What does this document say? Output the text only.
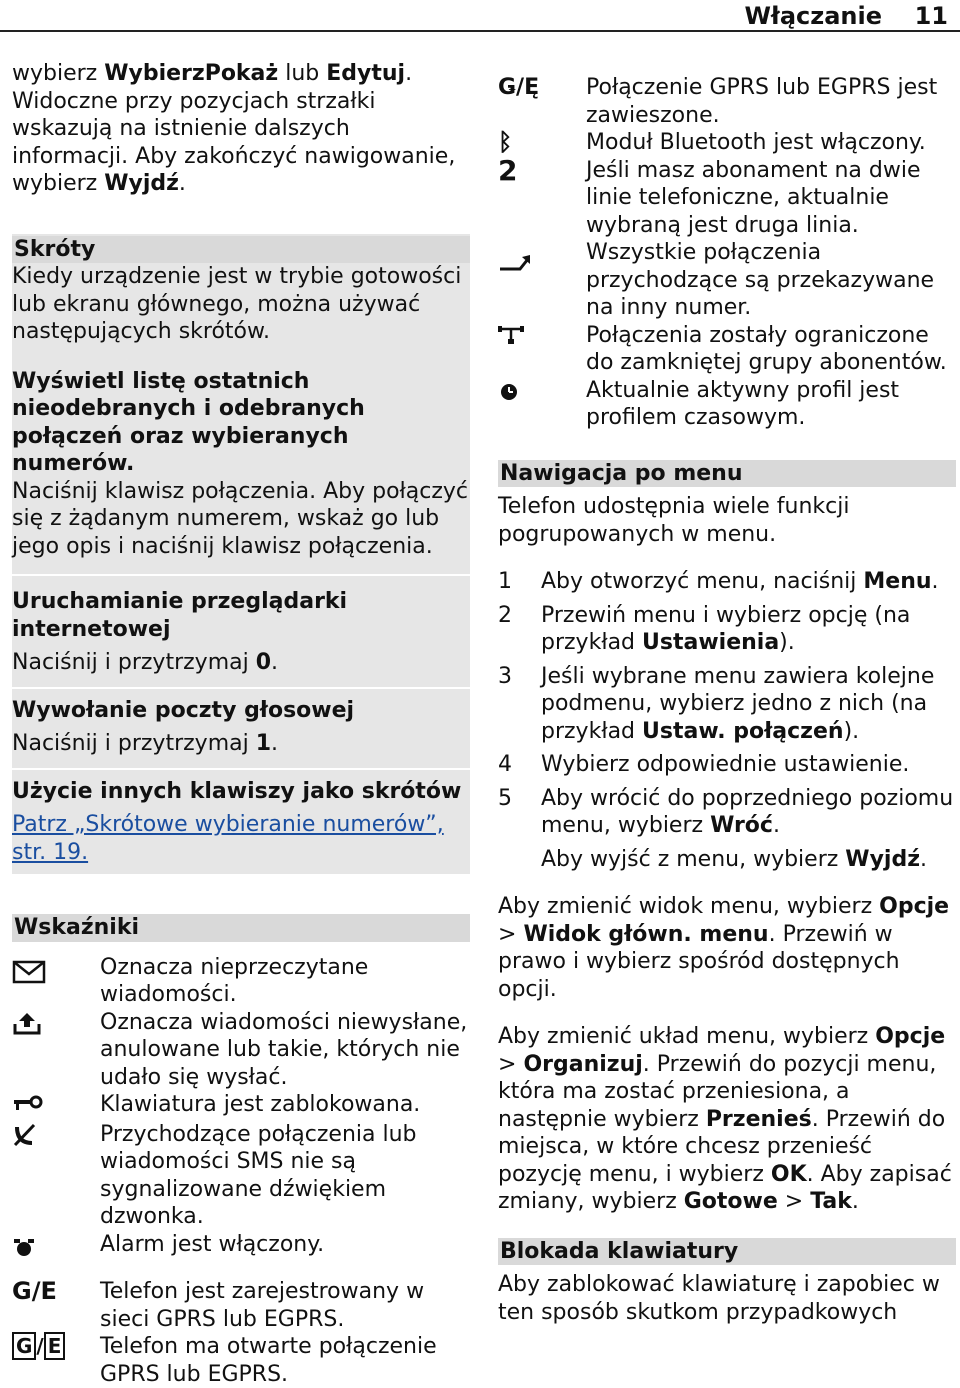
Włączanie 11

wybierz WybierzPokaż lub Edytuj. Widoczne przy pozycjach strzałki wskazują na istnienie dalszych informacji. Aby zakończyć nawigowanie, wybierz Wyjdź.

Skróty

Kiedy urządzenie jest w trybie gotowości lub ekranu głównego, można używać następujących skrótów.

Wyświetl listę ostatnich nieodebranych i odebranych połączeń oraz wybieranych numerów.

Naciśnij klawisz połączenia. Aby połączyć się z żądanym numerem, wskaż go lub jego opis i naciśnij klawisz połączenia.

Uruchamianie przeglądarki internetowej

Naciśnij i przytrzymaj 0.

Wywołanie poczty głosowej

Naciśnij i przytrzymaj 1.

Użycie innych klawiszy jako skrótów

Patrz „Skrótowe wybieranie numerów”, str. 19.

Wskaźniki
Oznacza nieprzeczytane wiadomości.
Oznacza wiadomości niewysłane, anulowane lub takie, których nie udało się wysłać.
Klawiatura jest zablokowana.
Przychodzące połączenia lub wiadomości SMS nie są sygnalizowane dźwiękiem dzwonka.
Alarm jest włączony.
G/E	Telefon jest zarejestrowany w sieci GPRS lub EGPRS.
G / E	Telefon ma otwarte połączenie GPRS lub EGPRS.
Ǥ/Ę	Połączenie GPRS lub EGPRS jest zawieszone.
ᛒ	Moduł Bluetooth jest włączony.
2	Jeśli masz abonament na dwie linie telefoniczne, aktualnie wybraną jest druga linia.
Wszystkie połączenia przychodzące są przekazywane na inny numer.
Połączenia zostały ograniczone do zamkniętej grupy abonentów.
Aktualnie aktywny profil jest profilem czasowym.
Nawigacja po menu

Telefon udostępnia wiele funkcji pogrupowanych w menu.

1	Aby otworzyć menu, naciśnij Menu.
2	Przewiń menu i wybierz opcję (na przykład Ustawienia).
3	Jeśli wybrane menu zawiera kolejne podmenu, wybierz jedno z nich (na przykład Ustaw. połączeń).
4	Wybierz odpowiednie ustawienie.
5	Aby wrócić do poprzedniego poziomu menu, wybierz Wróć.
Aby wyjść z menu, wybierz Wyjdź.

Aby zmienić widok menu, wybierz Opcje > Widok główn. menu. Przewiń w prawo i wybierz spośród dostępnych opcji.

Aby zmienić układ menu, wybierz Opcje > Organizuj. Przewiń do pozycji menu, która ma zostać przeniesiona, a następnie wybierz Przenieś. Przewiń do miejsca, w które chcesz przenieść pozycję menu, i wybierz OK. Aby zapisać zmiany, wybierz Gotowe > Tak.

Blokada klawiatury

Aby zablokować klawiaturę i zapobiec w ten sposób skutkom przypadkowych
